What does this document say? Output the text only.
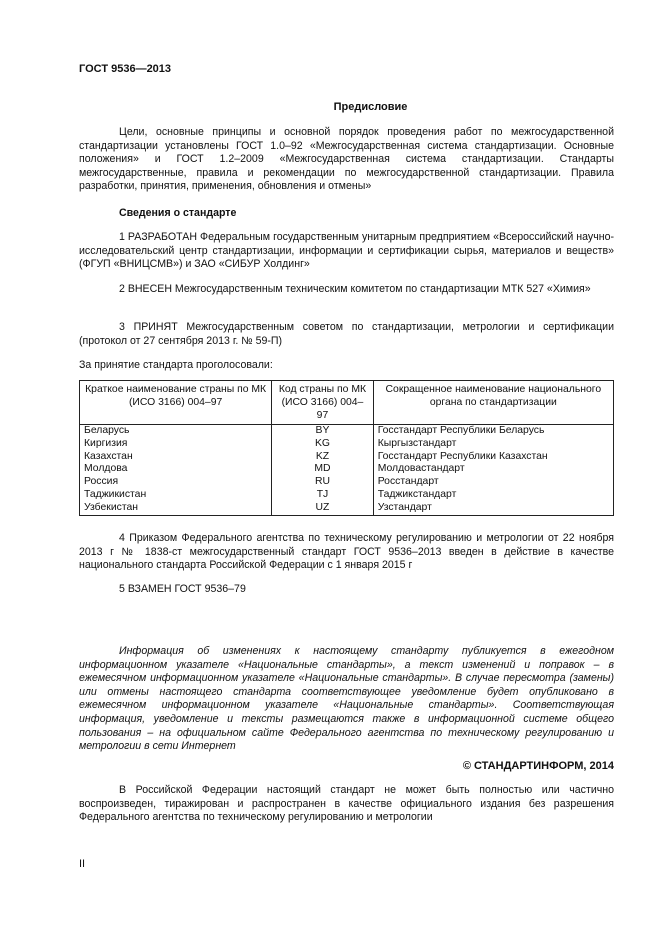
ГОСТ 9536—2013
Предисловие

Цели, основные принципы и основной порядок проведения работ по межгосударственной стандартизации установлены ГОСТ 1.0–92 «Межгосударственная система стандартизации. Основные положения» и ГОСТ 1.2–2009 «Межгосударственная система стандартизации. Стандарты межгосударственные, правила и рекомендации по межгосударственной стандартизации. Правила разработки, принятия, применения, обновления и отмены»

Сведения о стандарте

1 РАЗРАБОТАН Федеральным государственным унитарным предприятием «Всероссийский научно-исследовательский центр стандартизации, информации и сертификации сырья, материалов и веществ» (ФГУП «ВНИЦСМВ») и ЗАО «СИБУР Холдинг»

2 ВНЕСЕН Межгосударственным техническим комитетом по стандартизации МТК 527 «Химия»

3 ПРИНЯТ Межгосударственным советом по стандартизации, метрологии и сертификации (протокол от 27 сентября 2013 г. № 59-П)

За принятие стандарта проголосовали:

Краткое наименование страны по МК (ИСО 3166) 004–97	Код страны по МК (ИСО 3166) 004–97	Сокращенное наименование национального органа по стандартизации
Беларусь	BY	Госстандарт Республики Беларусь
Киргизия	KG	Кыргызстандарт
Казахстан	KZ	Госстандарт Республики Казахстан
Молдова	MD	Молдовастандарт
Россия	RU	Росстандарт
Таджикистан	TJ	Таджикстандарт
Узбекистан	UZ	Узстандарт

4 Приказом Федерального агентства по техническому регулированию и метрологии от 22 ноября 2013 г № 1838-ст межгосударственный стандарт ГОСТ 9536–2013 введен в действие в качестве национального стандарта Российской Федерации с 1 января 2015 г

5 ВЗАМЕН ГОСТ 9536–79

Информация об изменениях к настоящему стандарту публикуется в ежегодном информационном указателе «Национальные стандарты», а текст изменений и поправок – в ежемесячном информационном указателе «Национальные стандарты». В случае пересмотра (замены) или отмены настоящего стандарта соответствующее уведомление будет опубликовано в ежемесячном информационном указателе «Национальные стандарты». Соответствующая информация, уведомление и тексты размещаются также в информационной системе общего пользования – на официальном сайте Федерального агентства по техническому регулированию и метрологии в сети Интернет

© СТАНДАРТИНФОРМ, 2014

В Российской Федерации настоящий стандарт не может быть полностью или частично воспроизведен, тиражирован и распространен в качестве официального издания без разрешения Федерального агентства по техническому регулированию и метрологии

II
